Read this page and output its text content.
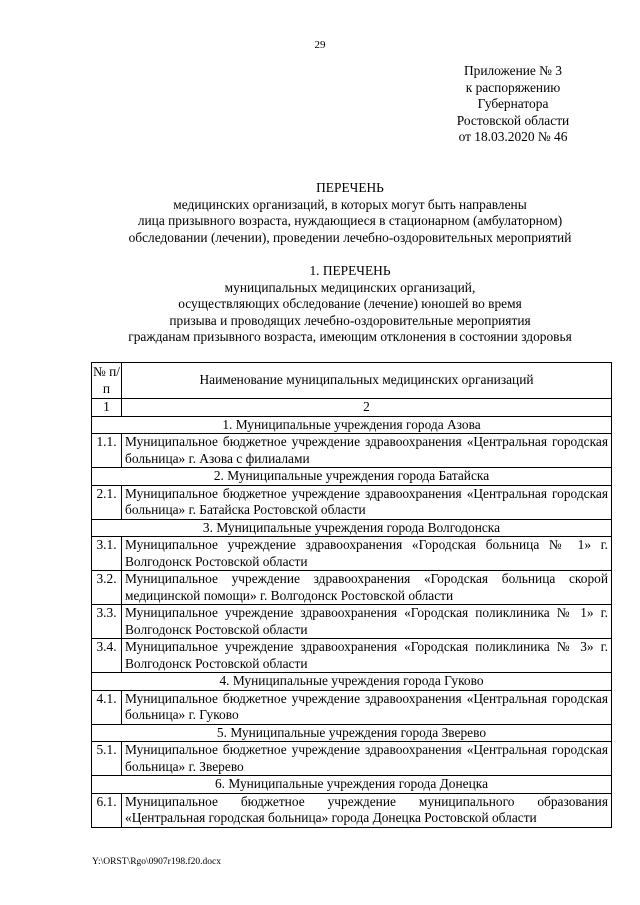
29
Приложение № 3
к распоряжению
Губернатора
Ростовской области
от 18.03.2020 № 46
ПЕРЕЧЕНЬ
медицинских организаций, в которых могут быть направлены
лица призывного возраста, нуждающиеся в стационарном (амбулаторном)
обследовании (лечении), проведении лечебно-оздоровительных мероприятий
1. ПЕРЕЧЕНЬ
муниципальных медицинских организаций,
осуществляющих обследование (лечение) юношей во время
призыва и проводящих лечебно-оздоровительные мероприятия
гражданам призывного возраста, имеющим отклонения в состоянии здоровья
№ п/п	Наименование муниципальных медицинских организаций
1	2
1. Муниципальные учреждения города Азова	
1.1.	Муниципальное бюджетное учреждение здравоохранения «Центральная городская больница» г. Азова с филиалами
2. Муниципальные учреждения города Батайска	
2.1.	Муниципальное бюджетное учреждение здравоохранения «Центральная городская больница» г. Батайска Ростовской области
3. Муниципальные учреждения города Волгодонска	
3.1.	Муниципальное учреждение здравоохранения «Городская больница № 1» г. Волгодонск Ростовской области
3.2.	Муниципальное учреждение здравоохранения «Городская больница скорой медицинской помощи» г. Волгодонск Ростовской области
3.3.	Муниципальное учреждение здравоохранения «Городская поликлиника № 1» г. Волгодонск Ростовской области
3.4.	Муниципальное учреждение здравоохранения «Городская поликлиника № 3» г. Волгодонск Ростовской области
4. Муниципальные учреждения города Гуково	
4.1.	Муниципальное бюджетное учреждение здравоохранения «Центральная городская больница» г. Гуково
5. Муниципальные учреждения города Зверево	
5.1.	Муниципальное бюджетное учреждение здравоохранения «Центральная городская больница» г. Зверево
6. Муниципальные учреждения города Донецка	
6.1.	Муниципальное бюджетное учреждение муниципального образования «Центральная городская больница» города Донецка Ростовской области
Y:\ORST\Rgo\0907r198.f20.docx
